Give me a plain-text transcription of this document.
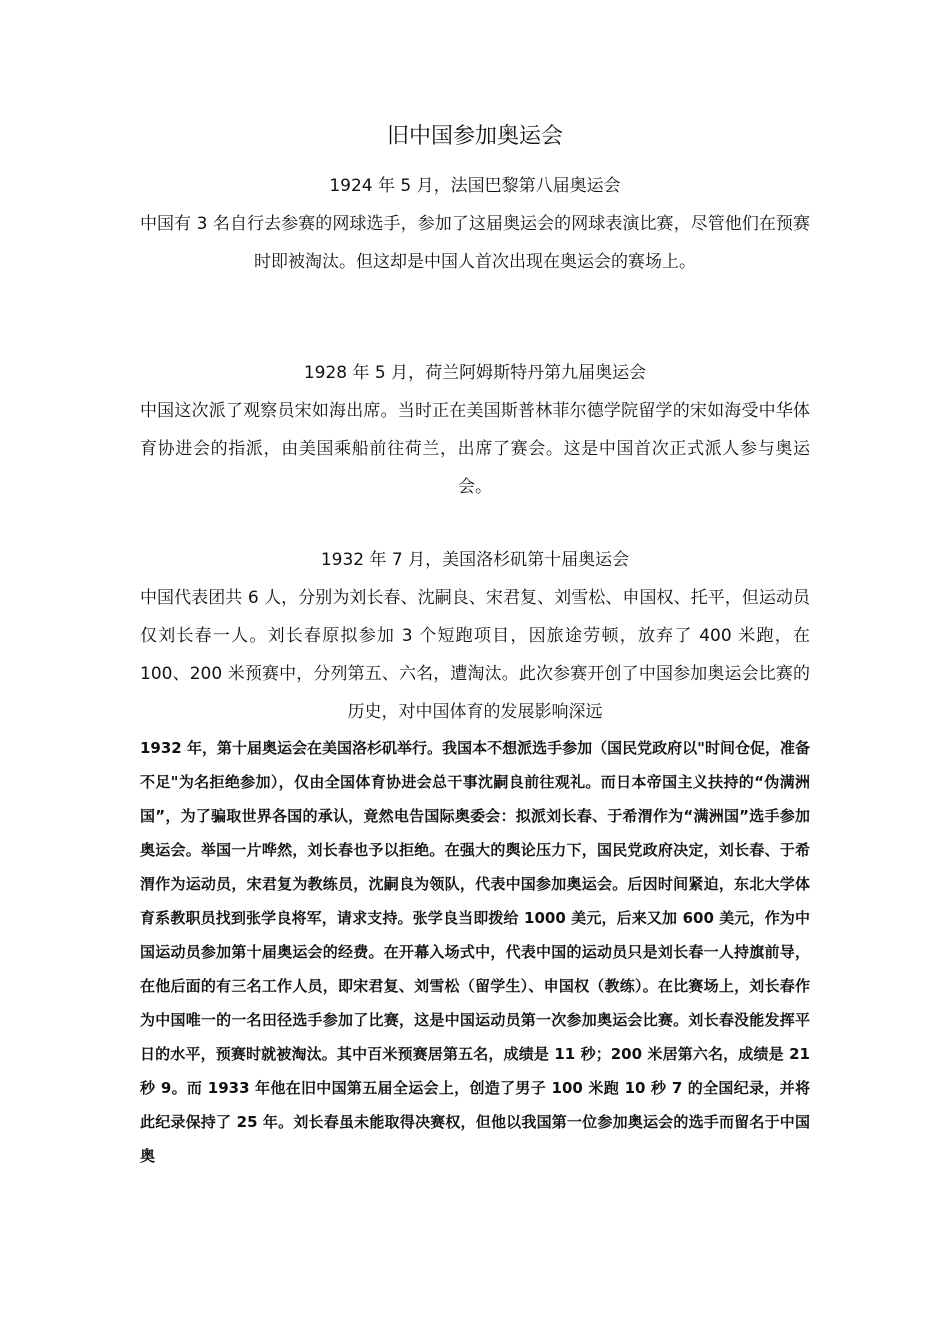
旧中国参加奥运会
1924 年 5 月，法国巴黎第八届奥运会
中国有 3 名自行去参赛的网球选手，参加了这届奥运会的网球表演比赛，尽管他们在预赛时即被淘汰。但这却是中国人首次出现在奥运会的赛场上。
1928 年 5 月，荷兰阿姆斯特丹第九届奥运会
中国这次派了观察员宋如海出席。当时正在美国斯普林菲尔德学院留学的宋如海受中华体育协进会的指派，由美国乘船前往荷兰，出席了赛会。这是中国首次正式派人参与奥运会。
1932 年 7 月，美国洛杉矶第十届奥运会
中国代表团共 6 人，分别为刘长春、沈嗣良、宋君复、刘雪松、申国权、托平，但运动员仅刘长春一人。刘长春原拟参加 3 个短跑项目，因旅途劳顿，放弃了 400 米跑，在 100、200 米预赛中，分列第五、六名，遭淘汰。此次参赛开创了中国参加奥运会比赛的历史，对中国体育的发展影响深远
1932 年，第十届奥运会在美国洛杉矶举行。我国本不想派选手参加（国民党政府以"时间仓促，准备不足"为名拒绝参加），仅由全国体育协进会总干事沈嗣良前往观礼。而日本帝国主义扶持的“伪满洲国”，为了骗取世界各国的承认，竟然电告国际奥委会：拟派刘长春、于希渭作为“满洲国”选手参加奥运会。举国一片哗然，刘长春也予以拒绝。在强大的舆论压力下，国民党政府决定，刘长春、于希渭作为运动员，宋君复为教练员，沈嗣良为领队，代表中国参加奥运会。后因时间紧迫，东北大学体育系教职员找到张学良将军，请求支持。张学良当即拨给 1000 美元，后来又加 600 美元，作为中国运动员参加第十届奥运会的经费。在开幕入场式中，代表中国的运动员只是刘长春一人持旗前导，在他后面的有三名工作人员，即宋君复、刘雪松（留学生）、申国权（教练）。在比赛场上，刘长春作为中国唯一的一名田径选手参加了比赛，这是中国运动员第一次参加奥运会比赛。刘长春没能发挥平日的水平，预赛时就被淘汰。其中百米预赛居第五名，成绩是 11 秒；200 米居第六名，成绩是 21 秒 9。而 1933 年他在旧中国第五届全运会上，创造了男子 100 米跑 10 秒 7 的全国纪录，并将此纪录保持了 25 年。刘长春虽未能取得决赛权，但他以我国第一位参加奥运会的选手而留名于中国奥
